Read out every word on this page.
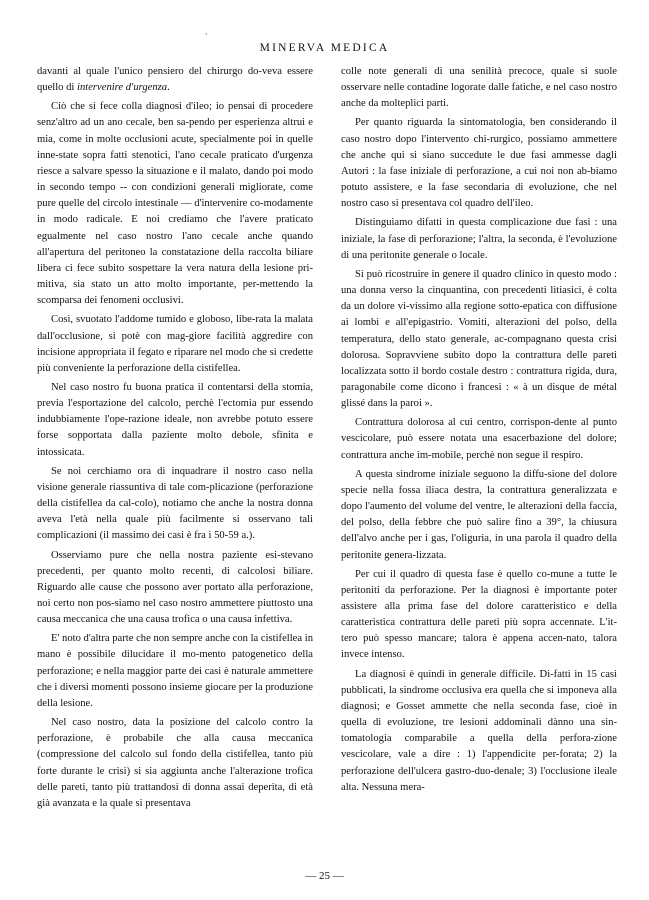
·
MINERVA MEDICA

davanti al quale l'unico pensiero del chirurgo do-veva essere quello di intervenire d'urgenza.

Ciò che si fece colla diagnosi d'ileo; io pensai di procedere senz'altro ad un ano cecale, ben sa-pendo per esperienza altrui e mia, come in molte occlusioni acute, specialmente poi in quelle inne-state sopra fatti stenotici, l'ano cecale praticato d'urgenza riesce a salvare spesso la situazione e il malato, dando poi modo in secondo tempo -- con condizioni generali migliorate, come pure quelle del circolo intestinale — d'intervenire co-modamente in modo radicale. E noi crediamo che l'avere praticato egualmente nel caso nostro l'ano cecale anche quando all'apertura del peritoneo la constatazione della raccolta biliare libera ci fece subito sospettare la vera natura della lesione pri-mitiva, sia stato un atto molto importante, per-mettendo la scomparsa dei fenomeni occlusivi.

Così, svuotato l'addome tumido e globoso, libe-rata la malata dall'occlusione, si potè con mag-giore facilità aggredire con incisione appropriata il fegato e riparare nel modo che si credette più conveniente la perforazione della cistifellea.

Nel caso nostro fu buona pratica il contentarsi della stomia, previa l'esportazione del calcolo, perchè l'ectomia pur essendo indubbiamente l'ope-razione ideale, non avrebbe potuto essere forse sopportata dalla paziente molto debole, sfinita e intossicata.

Se noi cerchiamo ora di inquadrare il nostro caso nella visione generale riassuntiva di tale com-plicazione (perforazione della cistifellea da cal-colo), notiamo che anche la nostra donna aveva l'età nella quale più facilmente si osservano tali complicazioni (il massimo dei casi è fra i 50-59 a.).

Osserviamo pure che nella nostra paziente esi-stevano precedenti, per quanto molto recenti, di calcolosi biliare. Riguardo alle cause che possono aver portato alla perforazione, noi certo non pos-siamo nel caso nostro ammettere piuttosto una causa meccanica che una causa trofica o una causa infettiva.

E' noto d'altra parte che non sempre anche con la cistifellea in mano è possibile dilucidare il mo-mento patogenetico della perforazione; e nella maggior parte dei casi è naturale ammettere che i diversi momenti possono insieme giocare per la produzione della lesione.

Nel caso nostro, data la posizione del calcolo contro la perforazione, è probabile che alla causa meccanica (compressione del calcolo sul fondo della cistifellea, tanto più forte durante le crisi) si sia aggiunta anche l'alterazione trofica delle pareti, tanto più trattandosi di donna assai deperita, di età già avanzata e la quale si presentava

colle note generali di una senilità precoce, quale si suole osservare nelle contadine logorate dalle fatiche, e nel caso nostro anche da molteplici parti.

Per quanto riguarda la sintomatologia, ben considerando il caso nostro dopo l'intervento chi-rurgico, possiamo ammettere che anche qui si siano succedute le due fasi ammesse dagli Autori : la fase iniziale di perforazione, a cui noi non ab-biamo potuto assistere, e la fase secondaria di evoluzione, che nel nostro caso si presentava col quadro dell'ileo.

Distinguiamo difatti in questa complicazione due fasi : una iniziale, la fase di perforazione; l'altra, la seconda, è l'evoluzione di una peritonite generale o locale.

Si può ricostruire in genere il quadro clinico in questo modo : una donna verso la cinquantina, con precedenti litiasici, è colta da un dolore vi-vissimo alla regione sotto-epatica con diffusione ai lombi e all'epigastrio. Vomiti, alterazioni del polso, della temperatura, dello stato generale, ac-compagnano questa crisi dolorosa. Sopravviene subito dopo la contrattura delle pareti localizzata sotto il bordo costale destro : contrattura rigida, dura, paragonabile come dicono i francesi : « à un disque de métal glissé dans la paroi ».

Contrattura dolorosa al cui centro, corrispon-dente al punto vescicolare, può essere notata una esacerbazione del dolore; contrattura anche im-mobile, perchè non segue il respiro.

A questa sindrome iniziale seguono la diffu-sione del dolore specie nella fossa iliaca destra, la contrattura generalizzata e dopo l'aumento del volume del ventre, le alterazioni della faccia, del polso, della febbre che può salire fino a 39°, la chiusura dell'alvo anche per i gas, l'oliguria, in una parola il quadro della peritonite genera-lizzata.

Per cui il quadro di questa fase è quello co-mune a tutte le peritoniti da perforazione. Per la diagnosi è importante poter assistere alla prima fase del dolore caratteristico e della caratteristica contrattura delle pareti più sopra accennate. L'it-tero può spesso mancare; talora è appena accen-nato, talora invece intenso.

La diagnosi è quindi in generale difficile. Di-fatti in 15 casi pubblicati, la sindrome occlusiva era quella che si imponeva alla diagnosi; e Gosset ammette che nella seconda fase, cioè in quella di evoluzione, tre lesioni addominali dànno una sin-tomatologia comparabile a quella della perfora-zione vescicolare, vale a dire : 1) l'appendicite per-forata; 2) la perforazione dell'ulcera gastro-duo-denale; 3) l'occlusione ileale alta. Nessuna mera-

— 25 —
